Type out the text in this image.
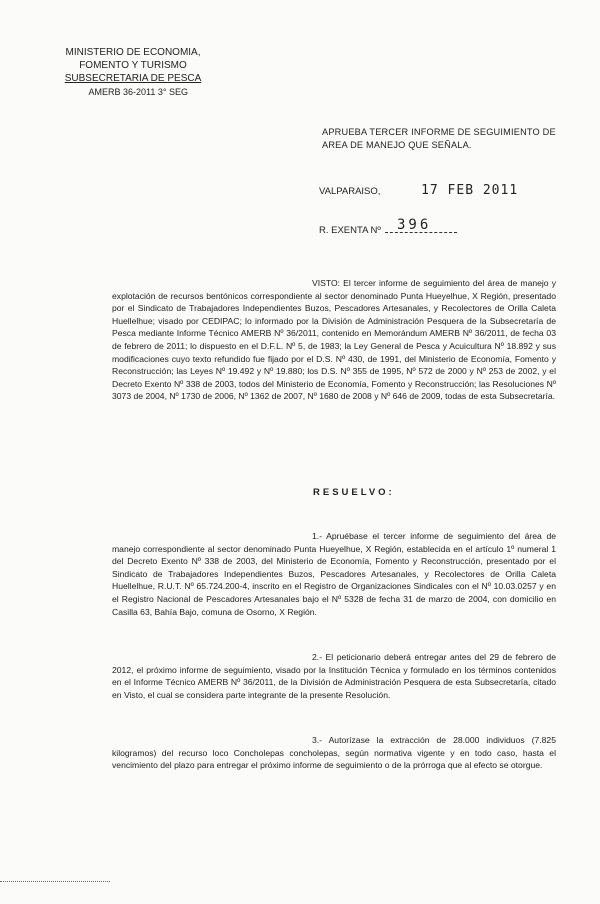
MINISTERIO DE ECONOMIA,
FOMENTO Y TURISMO
SUBSECRETARIA DE PESCA
AMERB 36-2011 3° SEG
APRUEBA TERCER INFORME DE SEGUIMIENTO DE AREA DE MANEJO QUE SEÑALA.
VALPARAISO,	17 FEB 2011
R. EXENTA Nº 396
VISTO: El tercer informe de seguimiento del área de manejo y explotación de recursos bentónicos correspondiente al sector denominado Punta Hueyelhue, X Región, presentado por el Sindicato de Trabajadores Independientes Buzos, Pescadores Artesanales, y Recolectores de Orilla Caleta Huellelhue; visado por CEDIPAC; lo informado por la División de Administración Pesquera de la Subsecretaría de Pesca mediante Informe Técnico AMERB Nº 36/2011, contenido en Memorándum AMERB Nº 36/2011, de fecha 03 de febrero de 2011; lo dispuesto en el D.F.L. Nº 5, de 1983; la Ley General de Pesca y Acuicultura Nº 18.892 y sus modificaciones cuyo texto refundido fue fijado por el D.S. Nº 430, de 1991, del Ministerio de Economía, Fomento y Reconstrucción; las Leyes Nº 19.492 y Nº 19.880; los D.S. Nº 355 de 1995, Nº 572 de 2000 y Nº 253 de 2002, y el Decreto Exento Nº 338 de 2003, todos del Ministerio de Economía, Fomento y Reconstrucción; las Resoluciones Nº 3073 de 2004, Nº 1730 de 2006, Nº 1362 de 2007, Nº 1680 de 2008 y Nº 646 de 2009, todas de esta Subsecretaría.
RESUELVO:
1.- Apruébase el tercer informe de seguimiento del área de manejo correspondiente al sector denominado Punta Hueyelhue, X Región, establecida en el artículo 1º numeral 1 del Decreto Exento Nº 338 de 2003, del Ministerio de Economía, Fomento y Reconstrucción, presentado por el Sindicato de Trabajadores Independientes Buzos, Pescadores Artesanales, y Recolectores de Orilla Caleta Huellelhue, R.U.T. Nº 65.724.200-4, inscrito en el Registro de Organizaciones Sindicales con el Nº 10.03.0257 y en el Registro Nacional de Pescadores Artesanales bajo el Nº 5328 de fecha 31 de marzo de 2004, con domicilio en Casilla 63, Bahía Bajo, comuna de Osorno, X Región.
2.- El peticionario deberá entregar antes del 29 de febrero de 2012, el próximo informe de seguimiento, visado por la Institución Técnica y formulado en los términos contenidos en el Informe Técnico AMERB Nº 36/2011, de la División de Administración Pesquera de esta Subsecretaría, citado en Visto, el cual se considera parte integrante de la presente Resolución.
3.- Autorízase la extracción de 28.000 individuos (7.825 kilogramos) del recurso loco Concholepas concholepas, según normativa vigente y en todo caso, hasta el vencimiento del plazo para entregar el próximo informe de seguimiento o de la prórroga que al efecto se otorgue.
